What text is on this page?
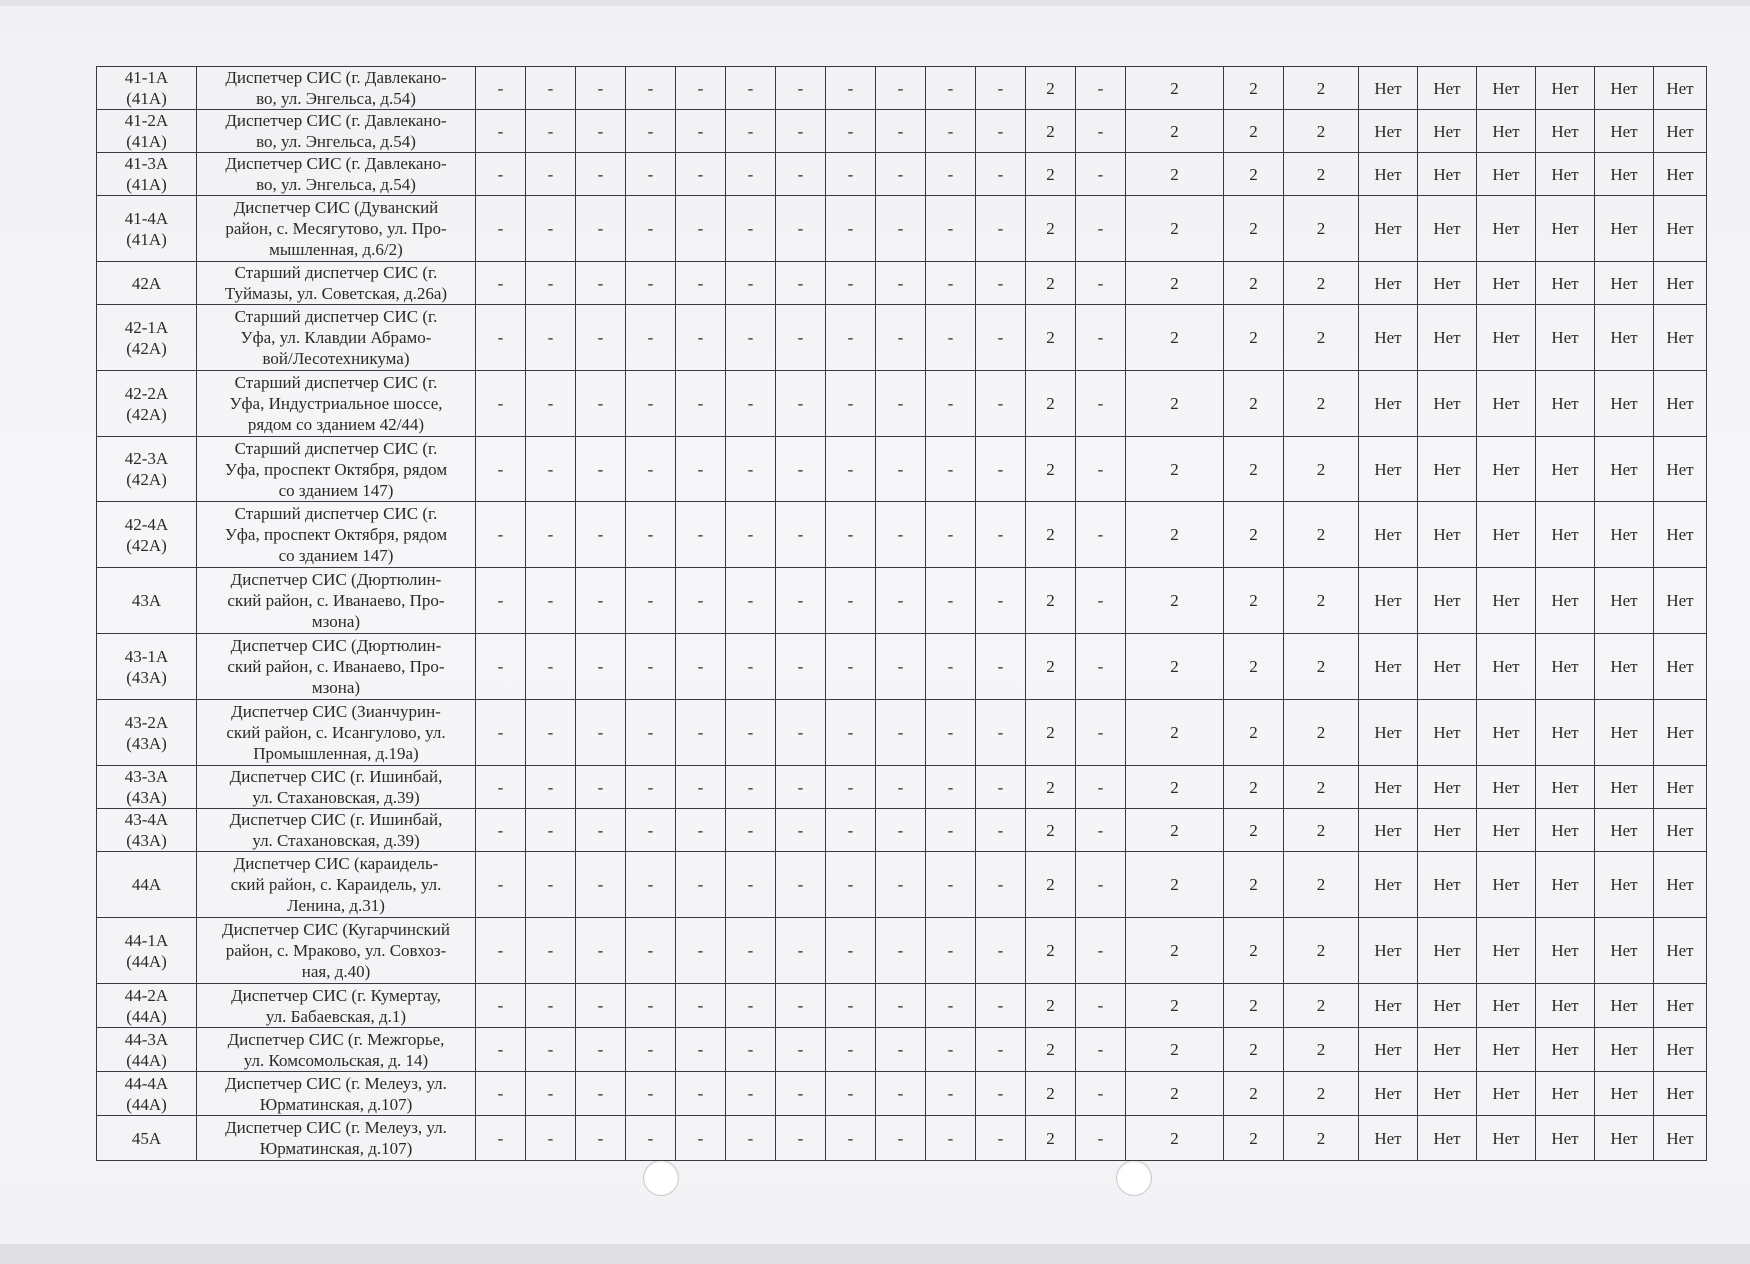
41-1А
(41А)	Диспетчер СИС (г. Давлекано-
во, ул. Энгельса, д.54)	-	-	-	-	-	-	-	-	-	-	-	2	-	2	2	2	Нет	Нет	Нет	Нет	Нет	Нет
41-2А
(41А)	Диспетчер СИС (г. Давлекано-
во, ул. Энгельса, д.54)	-	-	-	-	-	-	-	-	-	-	-	2	-	2	2	2	Нет	Нет	Нет	Нет	Нет	Нет
41-3А
(41А)	Диспетчер СИС (г. Давлекано-
во, ул. Энгельса, д.54)	-	-	-	-	-	-	-	-	-	-	-	2	-	2	2	2	Нет	Нет	Нет	Нет	Нет	Нет
41-4А
(41А)	Диспетчер СИС (Дуванский
район, с. Месягутово, ул. Про-
мышленная, д.6/2)	-	-	-	-	-	-	-	-	-	-	-	2	-	2	2	2	Нет	Нет	Нет	Нет	Нет	Нет
42А	Старший диспетчер СИС (г.
Туймазы, ул. Советская, д.26а)	-	-	-	-	-	-	-	-	-	-	-	2	-	2	2	2	Нет	Нет	Нет	Нет	Нет	Нет
42-1А
(42А)	Старший диспетчер СИС (г.
Уфа, ул. Клавдии Абрамо-
вой/Лесотехникума)	-	-	-	-	-	-	-	-	-	-	-	2	-	2	2	2	Нет	Нет	Нет	Нет	Нет	Нет
42-2А
(42А)	Старший диспетчер СИС (г.
Уфа, Индустриальное шоссе,
рядом со зданием 42/44)	-	-	-	-	-	-	-	-	-	-	-	2	-	2	2	2	Нет	Нет	Нет	Нет	Нет	Нет
42-3А
(42А)	Старший диспетчер СИС (г.
Уфа, проспект Октября, рядом
со зданием 147)	-	-	-	-	-	-	-	-	-	-	-	2	-	2	2	2	Нет	Нет	Нет	Нет	Нет	Нет
42-4А
(42А)	Старший диспетчер СИС (г.
Уфа, проспект Октября, рядом
со зданием 147)	-	-	-	-	-	-	-	-	-	-	-	2	-	2	2	2	Нет	Нет	Нет	Нет	Нет	Нет
43А	Диспетчер СИС (Дюртюлин-
ский район, с. Иванаево, Про-
мзона)	-	-	-	-	-	-	-	-	-	-	-	2	-	2	2	2	Нет	Нет	Нет	Нет	Нет	Нет
43-1А
(43А)	Диспетчер СИС (Дюртюлин-
ский район, с. Иванаево, Про-
мзона)	-	-	-	-	-	-	-	-	-	-	-	2	-	2	2	2	Нет	Нет	Нет	Нет	Нет	Нет
43-2А
(43А)	Диспетчер СИС (Зианчурин-
ский район, с. Исангулово, ул.
Промышленная, д.19а)	-	-	-	-	-	-	-	-	-	-	-	2	-	2	2	2	Нет	Нет	Нет	Нет	Нет	Нет
43-3А
(43А)	Диспетчер СИС (г. Ишинбай,
ул. Стахановская, д.39)	-	-	-	-	-	-	-	-	-	-	-	2	-	2	2	2	Нет	Нет	Нет	Нет	Нет	Нет
43-4А
(43А)	Диспетчер СИС (г. Ишинбай,
ул. Стахановская, д.39)	-	-	-	-	-	-	-	-	-	-	-	2	-	2	2	2	Нет	Нет	Нет	Нет	Нет	Нет
44А	Диспетчер СИС (караидель-
ский район, с. Караидель, ул.
Ленина, д.31)	-	-	-	-	-	-	-	-	-	-	-	2	-	2	2	2	Нет	Нет	Нет	Нет	Нет	Нет
44-1А
(44А)	Диспетчер СИС (Кугарчинский
район, с. Мраково, ул. Совхоз-
ная, д.40)	-	-	-	-	-	-	-	-	-	-	-	2	-	2	2	2	Нет	Нет	Нет	Нет	Нет	Нет
44-2А
(44А)	Диспетчер СИС (г. Кумертау,
ул. Бабаевская, д.1)	-	-	-	-	-	-	-	-	-	-	-	2	-	2	2	2	Нет	Нет	Нет	Нет	Нет	Нет
44-3А
(44А)	Диспетчер СИС (г. Межгорье,
ул. Комсомольская, д. 14)	-	-	-	-	-	-	-	-	-	-	-	2	-	2	2	2	Нет	Нет	Нет	Нет	Нет	Нет
44-4А
(44А)	Диспетчер СИС (г. Мелеуз, ул.
Юрматинская, д.107)	-	-	-	-	-	-	-	-	-	-	-	2	-	2	2	2	Нет	Нет	Нет	Нет	Нет	Нет
45А	Диспетчер СИС (г. Мелеуз, ул.
Юрматинская, д.107)	-	-	-	-	-	-	-	-	-	-	-	2	-	2	2	2	Нет	Нет	Нет	Нет	Нет	Нет
